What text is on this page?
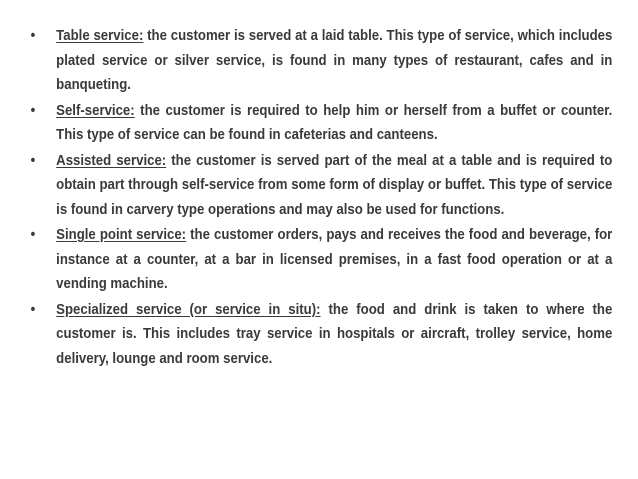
• Table service: the customer is served at a laid table. This type of service, which includes plated service or silver service, is found in many types of restaurant, cafes and in banqueting.
• Self-service: the customer is required to help him or herself from a buffet or counter. This type of service can be found in cafeterias and canteens.
• Assisted service: the customer is served part of the meal at a table and is required to obtain part through self-service from some form of display or buffet. This type of service is found in carvery type operations and may also be used for functions.
• Single point service: the customer orders, pays and receives the food and beverage, for instance at a counter, at a bar in licensed premises, in a fast food operation or at a vending machine.
• Specialized service (or service in situ): the food and drink is taken to where the customer is. This includes tray service in hospitals or aircraft, trolley service, home delivery, lounge and room service.
